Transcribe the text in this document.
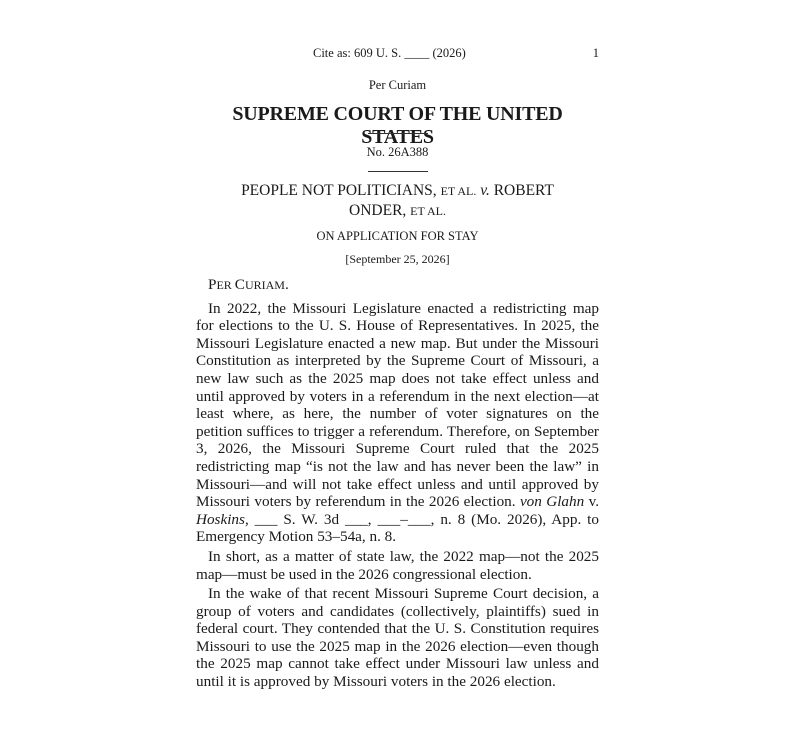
Cite as: 609 U. S. ____ (2026)	1
Per Curiam
SUPREME COURT OF THE UNITED STATES
No. 26A388
PEOPLE NOT POLITICIANS, ET AL. v. ROBERT
ONDER, ET AL.
ON APPLICATION FOR STAY
[September 25, 2026]

PER CURIAM.

In 2022, the Missouri Legislature enacted a redistricting map for elections to the U. S. House of Representatives. In 2025, the Missouri Legislature enacted a new map. But under the Missouri Constitution as interpreted by the Supreme Court of Missouri, a new law such as the 2025 map does not take effect unless and until approved by voters in a referendum in the next election—at least where, as here, the number of voter signatures on the petition suffices to trigger a referendum. Therefore, on September 3, 2026, the Missouri Supreme Court ruled that the 2025 redistricting map “is not the law and has never been the law” in Missouri—and will not take effect unless and until approved by Missouri voters by referendum in the 2026 election. von Glahn v. Hoskins, ___ S. W. 3d ___, ___–___, n. 8 (Mo. 2026), App. to Emergency Motion 53–54a, n. 8.

In short, as a matter of state law, the 2022 map—not the 2025 map—must be used in the 2026 congressional election.

In the wake of that recent Missouri Supreme Court decision, a group of voters and candidates (collectively, plaintiffs) sued in federal court. They contended that the U. S. Constitution requires Missouri to use the 2025 map in the 2026 election—even though the 2025 map cannot take effect under Missouri law unless and until it is approved by Missouri voters in the 2026 election.
